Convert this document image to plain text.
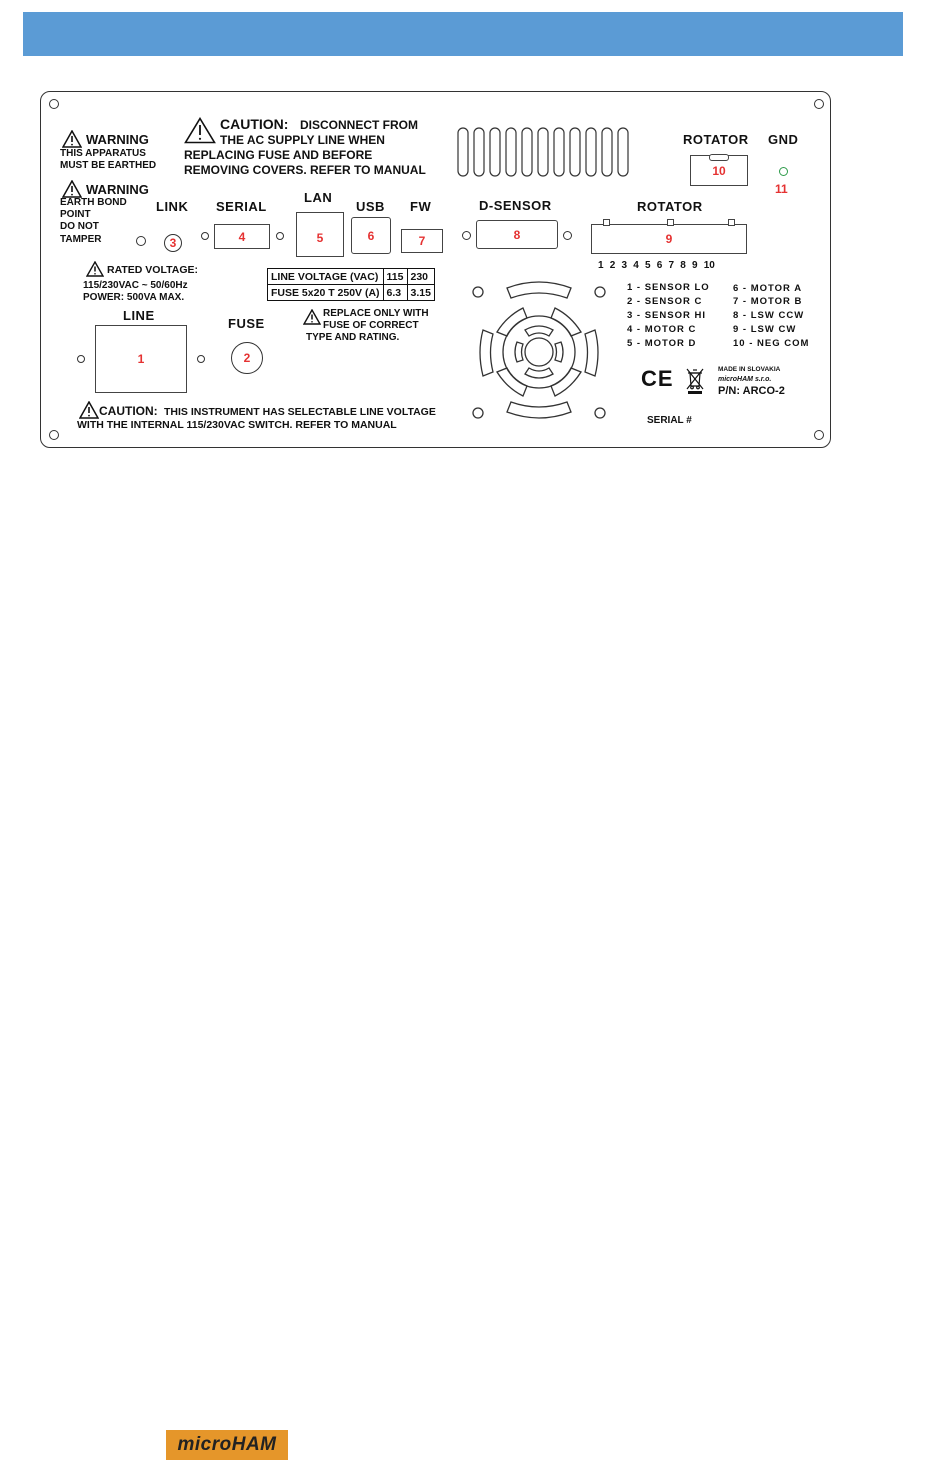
WARNING
THIS APPARATUS
MUST BE EARTHED
WARNING
EARTH BOND
POINT
DO NOT
TAMPER
CAUTION: DISCONNECT FROM
THE AC SUPPLY LINE WHEN
REPLACING FUSE AND BEFORE
REMOVING COVERS. REFER TO MANUAL
ROTATOR GND
10
11
LINK
3
SERIAL
4
LAN
5
USB
6
FW
7
D-SENSOR
8
ROTATOR
9
1 2 3 4 5 6 7 8 9 10
1 - SENSOR LO
2 - SENSOR C
3 - SENSOR HI
4 - MOTOR C
5 - MOTOR D
6 - MOTOR A
7 - MOTOR B
8 - LSW CCW
9 - LSW CW
10 - NEG COM
RATED VOLTAGE:
115/230VAC ~ 50/60Hz
POWER: 500VA MAX.
LINE VOLTAGE (VAC)	115	230
FUSE 5x20 T 250V (A)	6.3	3.15
LINE
1
FUSE
2
REPLACE ONLY WITH
FUSE OF CORRECT
TYPE AND RATING.
CE	MADE IN SLOVAKIA
microHAM s.r.o.
P/N: ARCO-2
SERIAL #
CAUTION: THIS INSTRUMENT HAS SELECTABLE LINE VOLTAGE
WITH THE INTERNAL 115/230VAC SWITCH. REFER TO MANUAL
microHAM
